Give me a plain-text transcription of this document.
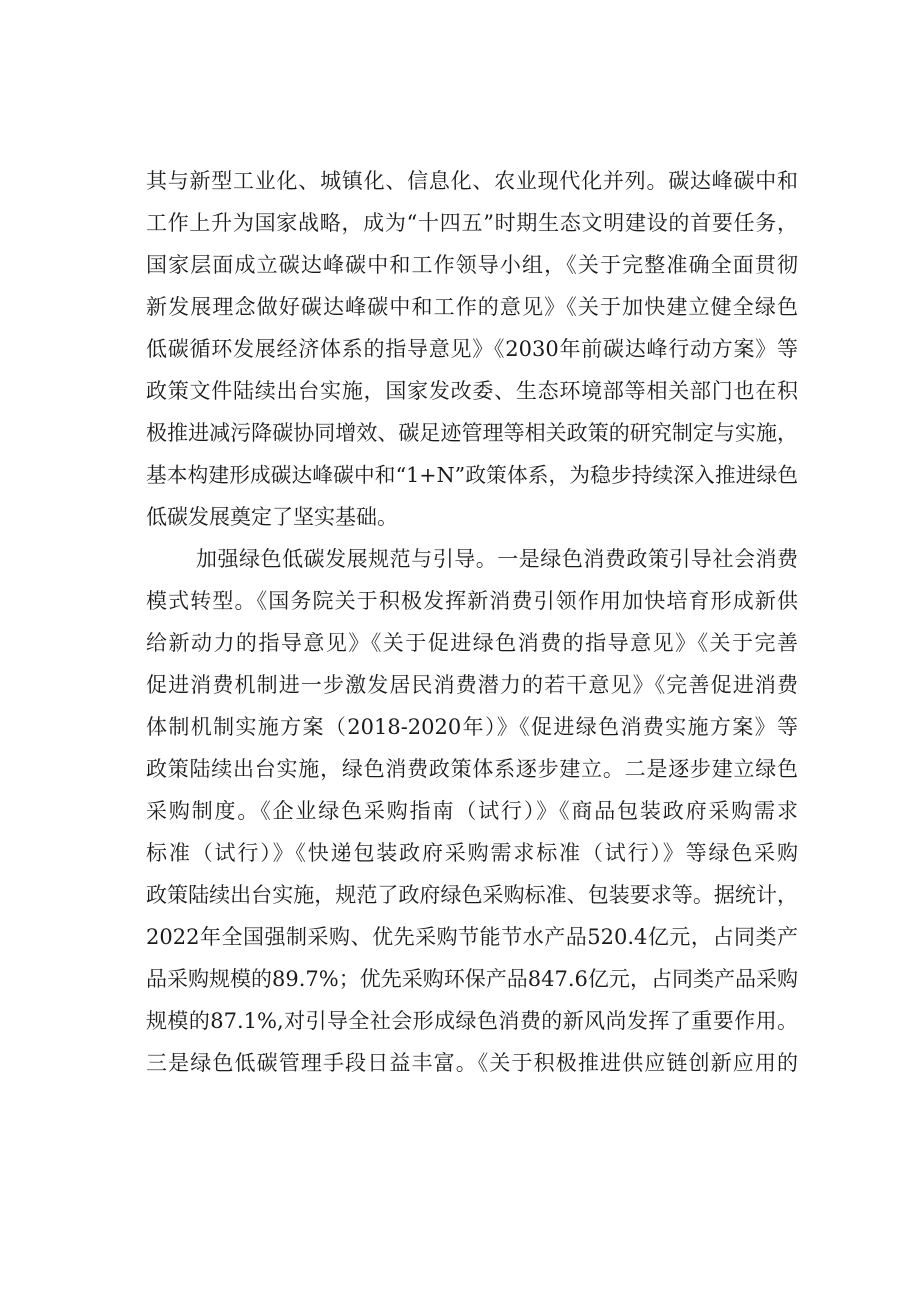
其与新型工业化、城镇化、信息化、农业现代化并列。碳达峰碳中和
工作上升为国家战略，成为“十四五”时期生态文明建设的首要任务，
国家层面成立碳达峰碳中和工作领导小组，《关于完整准确全面贯彻
新发展理念做好碳达峰碳中和工作的意见》《关于加快建立健全绿色
低碳循环发展经济体系的指导意见》《2030年前碳达峰行动方案》等
政策文件陆续出台实施，国家发改委、生态环境部等相关部门也在积
极推进减污降碳协同增效、碳足迹管理等相关政策的研究制定与实施，
基本构建形成碳达峰碳中和“1+N”政策体系，为稳步持续深入推进绿色
低碳发展奠定了坚实基础。
加强绿色低碳发展规范与引导。一是绿色消费政策引导社会消费
模式转型。《国务院关于积极发挥新消费引领作用加快培育形成新供
给新动力的指导意见》《关于促进绿色消费的指导意见》《关于完善
促进消费机制进一步激发居民消费潜力的若干意见》《完善促进消费
体制机制实施方案（2018-2020年）》《促进绿色消费实施方案》等
政策陆续出台实施，绿色消费政策体系逐步建立。二是逐步建立绿色
采购制度。《企业绿色采购指南（试行）》《商品包装政府采购需求
标准（试行）》《快递包装政府采购需求标准（试行）》等绿色采购
政策陆续出台实施，规范了政府绿色采购标准、包装要求等。据统计，
2022年全国强制采购、优先采购节能节水产品520.4亿元，占同类产
品采购规模的89.7%；优先采购环保产品847.6亿元，占同类产品采购
规模的87.1%,对引导全社会形成绿色消费的新风尚发挥了重要作用。
三是绿色低碳管理手段日益丰富。《关于积极推进供应链创新应用的
